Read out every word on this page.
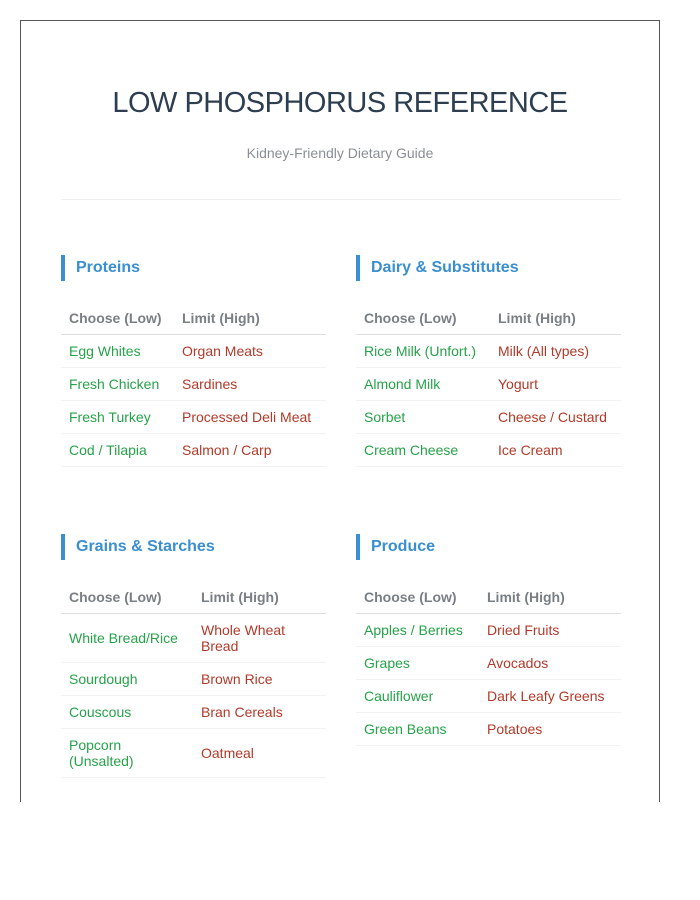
LOW PHOSPHORUS REFERENCE

Kidney-Friendly Dietary Guide

Proteins
Choose (Low)	Limit (High)
Egg Whites	Organ Meats
Fresh Chicken	Sardines
Fresh Turkey	Processed Deli Meat
Cod / Tilapia	Salmon / Carp
Dairy & Substitutes
Choose (Low)	Limit (High)
Rice Milk (Unfort.)	Milk (All types)
Almond Milk	Yogurt
Sorbet	Cheese / Custard
Cream Cheese	Ice Cream
Grains & Starches
Choose (Low)	Limit (High)
White Bread/Rice	Whole Wheat Bread
Sourdough	Brown Rice
Couscous	Bran Cereals
Popcorn (Unsalted)	Oatmeal
Produce
Choose (Low)	Limit (High)
Apples / Berries	Dried Fruits
Grapes	Avocados
Cauliflower	Dark Leafy Greens
Green Beans	Potatoes
